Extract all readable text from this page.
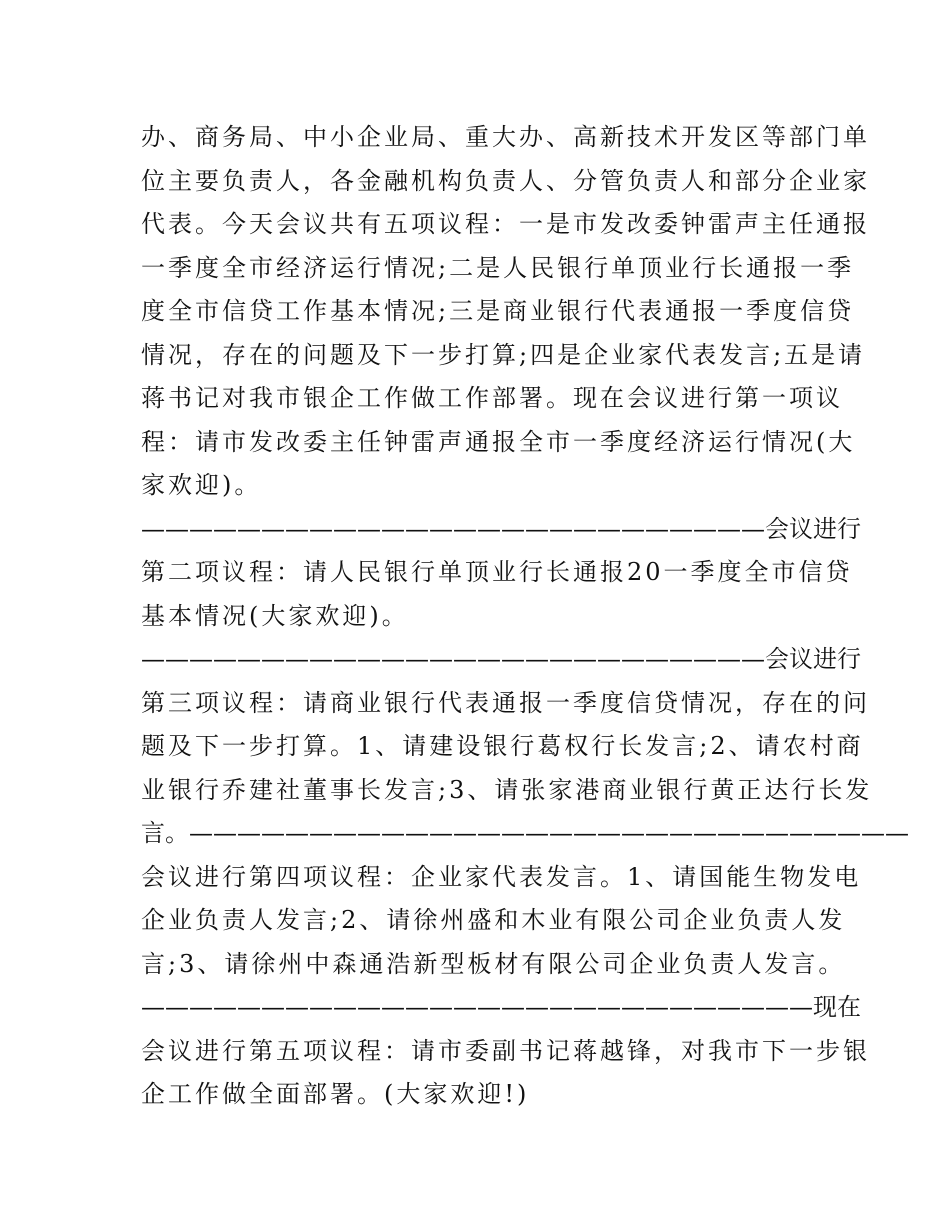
办、商务局、中小企业局、重大办、高新技术开发区等部门单
位主要负责人，各金融机构负责人、分管负责人和部分企业家
代表。今天会议共有五项议程：一是市发改委钟雷声主任通报
一季度全市经济运行情况;二是人民银行单顶业行长通报一季
度全市信贷工作基本情况;三是商业银行代表通报一季度信贷
情况，存在的问题及下一步打算;四是企业家代表发言;五是请
蒋书记对我市银企工作做工作部署。现在会议进行第一项议
程：请市发改委主任钟雷声通报全市一季度经济运行情况(大
家欢迎)。
——————————————————————————会议进行
第二项议程：请人民银行单顶业行长通报20一季度全市信贷
基本情况(大家欢迎)。
——————————————————————————会议进行
第三项议程：请商业银行代表通报一季度信贷情况，存在的问
题及下一步打算。1、请建设银行葛权行长发言;2、请农村商
业银行乔建社董事长发言;3、请张家港商业银行黄正达行长发
言。——————————————————————————————
会议进行第四项议程：企业家代表发言。1、请国能生物发电
企业负责人发言;2、请徐州盛和木业有限公司企业负责人发
言;3、请徐州中森通浩新型板材有限公司企业负责人发言。
————————————————————————————现在
会议进行第五项议程：请市委副书记蒋越锋，对我市下一步银
企工作做全面部署。(大家欢迎!)
